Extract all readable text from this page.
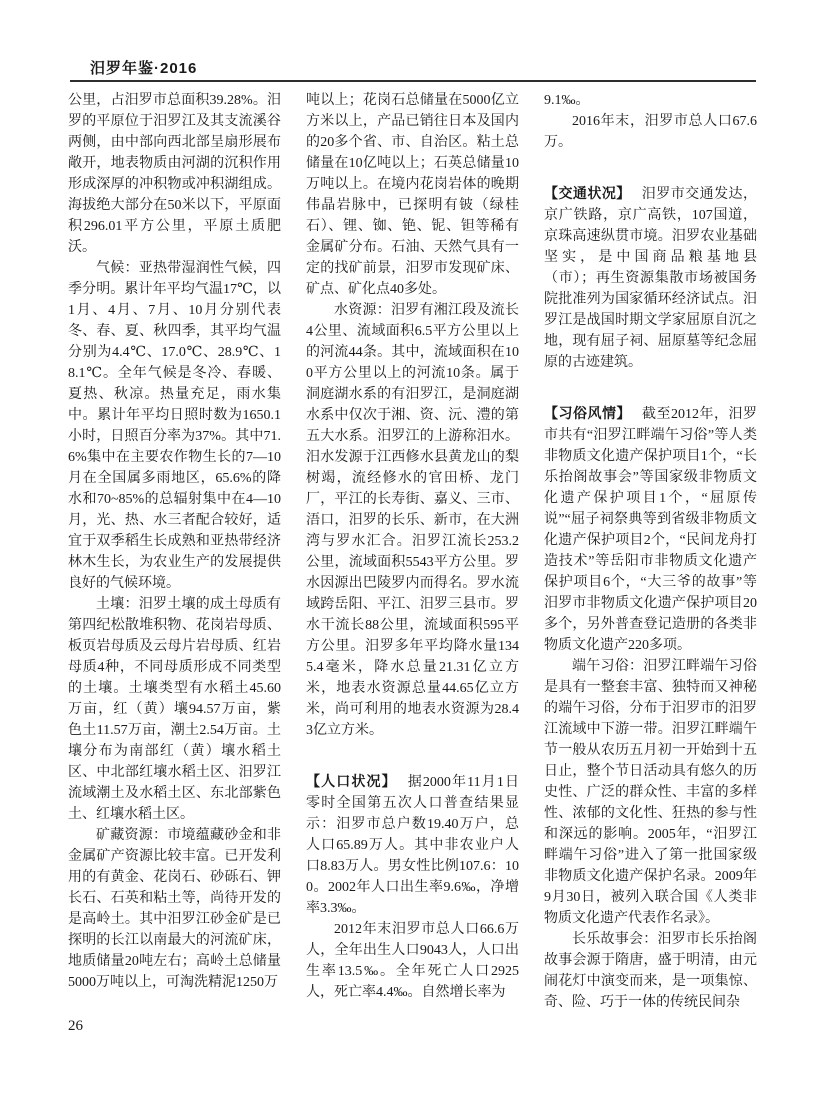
汨罗年鉴·2016

公里，占汨罗市总面积39.28%。汨罗的平原位于汨罗江及其支流溪谷两侧，由中部向西北部呈扇形展布敞开，地表物质由河湖的沉积作用形成深厚的冲积物或冲积湖组成。海拔绝大部分在50米以下，平原面积296.01平方公里，平原土质肥沃。

气候：亚热带湿润性气候，四季分明。累计年平均气温17℃，以1月、4月、7月、10月分别代表冬、春、夏、秋四季，其平均气温分别为4.4℃、17.0℃、28.9℃、18.1℃。全年气候是冬冷、春暖、夏热、秋凉。热量充足，雨水集中。累计年平均日照时数为1650.1小时，日照百分率为37%。其中71.6%集中在主要农作物生长的7—10月在全国属多雨地区，65.6%的降水和70~85%的总辐射集中在4—10月，光、热、水三者配合较好，适宜于双季稻生长成熟和亚热带经济林木生长，为农业生产的发展提供良好的气候环境。

土壤：汨罗土壤的成土母质有第四纪松散堆积物、花岗岩母质、板页岩母质及云母片岩母质、红岩母质4种，不同母质形成不同类型的土壤。土壤类型有水稻土45.60万亩，红（黄）壤94.57万亩，紫色土11.57万亩，潮土2.54万亩。土壤分布为南部红（黄）壤水稻土区、中北部红壤水稻土区、汨罗江流域潮土及水稻土区、东北部紫色土、红壤水稻土区。

矿藏资源：市境蕴藏砂金和非金属矿产资源比较丰富。已开发利用的有黄金、花岗石、砂砾石、钾长石、石英和粘土等，尚待开发的是高岭土。其中汨罗江砂金矿是已探明的长江以南最大的河流矿床，地质储量20吨左右；高岭土总储量5000万吨以上，可淘洗精泥1250万

吨以上；花岗石总储量在5000亿立方米以上，产品已销往日本及国内的20多个省、市、自治区。粘土总储量在10亿吨以上；石英总储量10万吨以上。在境内花岗岩体的晚期伟晶岩脉中，已探明有铍（绿桂石）、锂、铷、铯、铌、钽等稀有金属矿分布。石油、天然气具有一定的找矿前景，汨罗市发现矿床、矿点、矿化点40多处。

水资源：汨罗有湘江段及流长4公里、流域面积6.5平方公里以上的河流44条。其中，流域面积在100平方公里以上的河流10条。属于洞庭湖水系的有汨罗江，是洞庭湖水系中仅次于湘、资、沅、澧的第五大水系。汨罗江的上游称汨水。汨水发源于江西修水县黄龙山的梨树竭，流经修水的官田桥、龙门厂，平江的长寿街、嘉义、三市、浯口，汨罗的长乐、新市，在大洲湾与罗水汇合。汨罗江流长253.2公里，流域面积5543平方公里。罗水因源出巴陵罗内而得名。罗水流域跨岳阳、平江、汨罗三县市。罗水干流长88公里，流域面积595平方公里。汨罗多年平均降水量1345.4毫米，降水总量21.31亿立方米，地表水资源总量44.65亿立方米，尚可利用的地表水资源为28.43亿立方米。

【人口状况】 据2000年11月1日零时全国第五次人口普查结果显示：汨罗市总户数19.40万户，总人口65.89万人。其中非农业户人口8.83万人。男女性比例107.6：100。2002年人口出生率9.6‰，净增率3.3‰。

2012年末汨罗市总人口66.6万人，全年出生人口9043人，人口出生率13.5‰。全年死亡人口2925人，死亡率4.4‰。自然增长率为

9.1‰。

2016年末，汨罗市总人口67.6万。

【交通状况】 汨罗市交通发达，京广铁路，京广高铁，107国道，京珠高速纵贯市境。汨罗农业基础坚实，是中国商品粮基地县（市）；再生资源集散市场被国务院批准列为国家循环经济试点。汨罗江是战国时期文学家屈原自沉之地，现有屈子祠、屈原墓等纪念屈原的古迹建筑。

【习俗风情】 截至2012年，汨罗市共有“汨罗江畔端午习俗”等人类非物质文化遗产保护项目1个，“长乐抬阁故事会”等国家级非物质文化遗产保护项目1个，“屈原传说”“屈子祠祭典等到省级非物质文化遗产保护项目2个，“民间龙舟打造技术”等岳阳市非物质文化遗产保护项目6个，“大三爷的故事”等汨罗市非物质文化遗产保护项目20多个，另外普查登记造册的各类非物质文化遗产220多项。

端午习俗：汨罗江畔端午习俗是具有一整套丰富、独特而又神秘的端午习俗，分布于汨罗市的汨罗江流域中下游一带。汨罗江畔端午节一般从农历五月初一开始到十五日止，整个节日活动具有悠久的历史性、广泛的群众性、丰富的多样性、浓郁的文化性、狂热的参与性和深远的影响。2005年，“汨罗江畔端午习俗”进入了第一批国家级非物质文化遗产保护名录。2009年9月30日，被列入联合国《人类非物质文化遗产代表作名录》。

长乐故事会：汨罗市长乐抬阁故事会源于隋唐，盛于明清，由元闹花灯中演变而来，是一项集惊、奇、险、巧于一体的传统民间杂

26
